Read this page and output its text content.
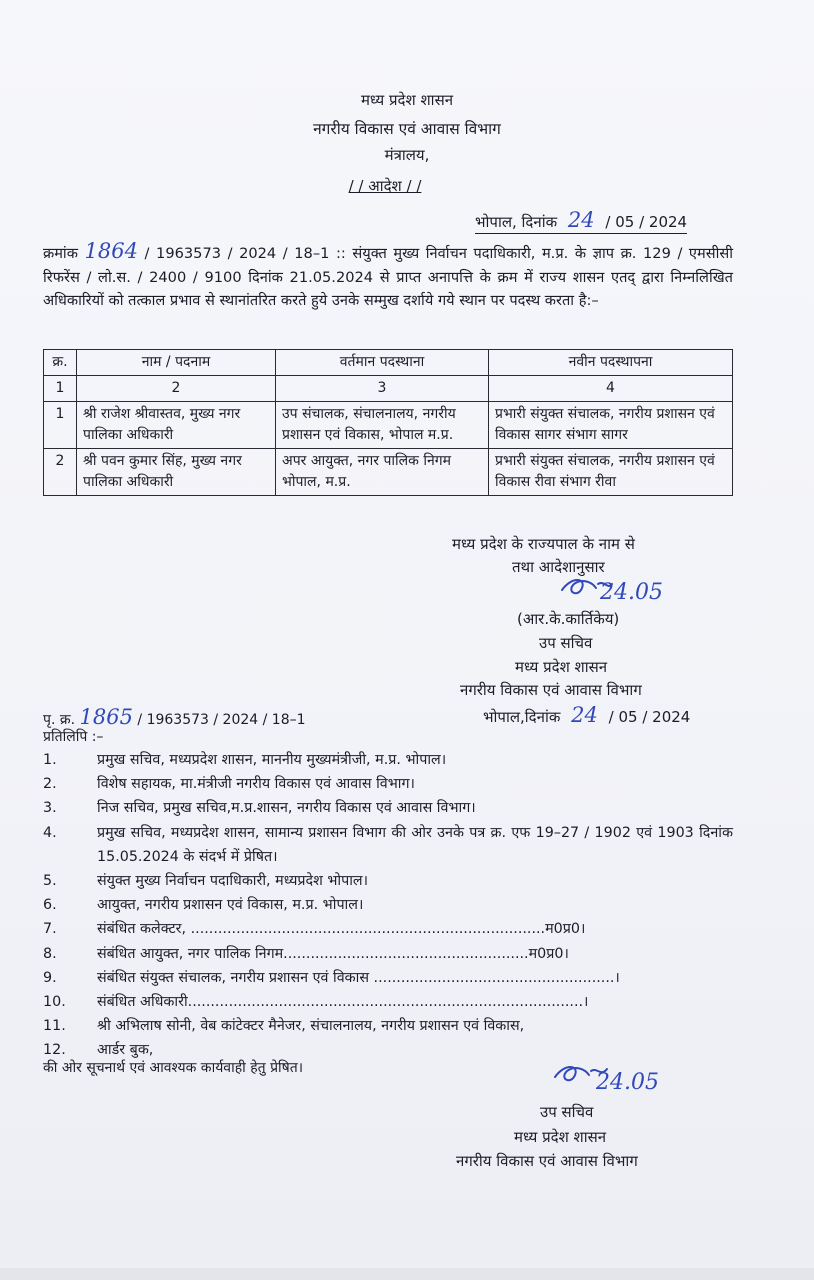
मध्य प्रदेश शासन
नगरीय विकास एवं आवास विभाग
मंत्रालय,
/ / आदेश / /
भोपाल, दिनांक 24 / 05 / 2024
क्रमांक 1864 / 1963573 / 2024 / 18–1 :: संयुक्त मुख्य निर्वाचन पदाधिकारी, म.प्र. के ज्ञाप क्र. 129 / एमसीसी रिफरेंस / लो.स. / 2400 / 9100 दिनांक 21.05.2024 से प्राप्त अनापत्ति के क्रम में राज्य शासन एतद् द्वारा निम्नलिखित अधिकारियों को तत्काल प्रभाव से स्थानांतरित करते हुये उनके सम्मुख दर्शाये गये स्थान पर पदस्थ करता है:–
क्र.	नाम / पदनाम	वर्तमान पदस्थाना	नवीन पदस्थापना
1	2	3	4
1	श्री राजेश श्रीवास्तव, मुख्य नगर पालिका अधिकारी	उप संचालक, संचालनालय, नगरीय प्रशासन एवं विकास, भोपाल म.प्र.	प्रभारी संयुक्त संचालक, नगरीय प्रशासन एवं विकास सागर संभाग सागर
2	श्री पवन कुमार सिंह, मुख्य नगर पालिका अधिकारी	अपर आयुक्त, नगर पालिक निगम भोपाल, म.प्र.	प्रभारी संयुक्त संचालक, नगरीय प्रशासन एवं विकास रीवा संभाग रीवा
मध्य प्रदेश के राज्यपाल के नाम से
तथा आदेशानुसार
24.05
(आर.के.कार्तिकेय)
उप सचिव
मध्य प्रदेश शासन
नगरीय विकास एवं आवास विभाग
भोपाल,दिनांक 24 / 05 / 2024
पृ. क्र. 1865 / 1963573 / 2024 / 18–1
प्रतिलिपि :–
1.	प्रमुख सचिव, मध्यप्रदेश शासन, माननीय मुख्यमंत्रीजी, म.प्र. भोपाल।
2.	विशेष सहायक, मा.मंत्रीजी नगरीय विकास एवं आवास विभाग।
3.	निज सचिव, प्रमुख सचिव,म.प्र.शासन, नगरीय विकास एवं आवास विभाग।
4.	प्रमुख सचिव, मध्यप्रदेश शासन, सामान्य प्रशासन विभाग की ओर उनके पत्र क्र. एफ 19–27 / 1902 एवं 1903 दिनांक 15.05.2024 के संदर्भ में प्रेषित।
5.	संयुक्त मुख्य निर्वाचन पदाधिकारी, मध्यप्रदेश भोपाल।
6.	आयुक्त, नगरीय प्रशासन एवं विकास, म.प्र. भोपाल।
7.	संबंधित कलेक्टर, ..............................................................................म0प्र0।
8.	संबंधित आयुक्त, नगर पालिक निगम......................................................म0प्र0।
9.	संबंधित संयुक्त संचालक, नगरीय प्रशासन एवं विकास .....................................................।
10.	संबंधित अधिकारी.......................................................................................।
11.	श्री अभिलाष सोनी, वेब कांटेक्टर मैनेजर, संचालनालय, नगरीय प्रशासन एवं विकास,
12.	आर्डर बुक,
की ओर सूचनार्थ एवं आवश्यक कार्यवाही हेतु प्रेषित।
24.05
उप सचिव
मध्य प्रदेश शासन
नगरीय विकास एवं आवास विभाग
